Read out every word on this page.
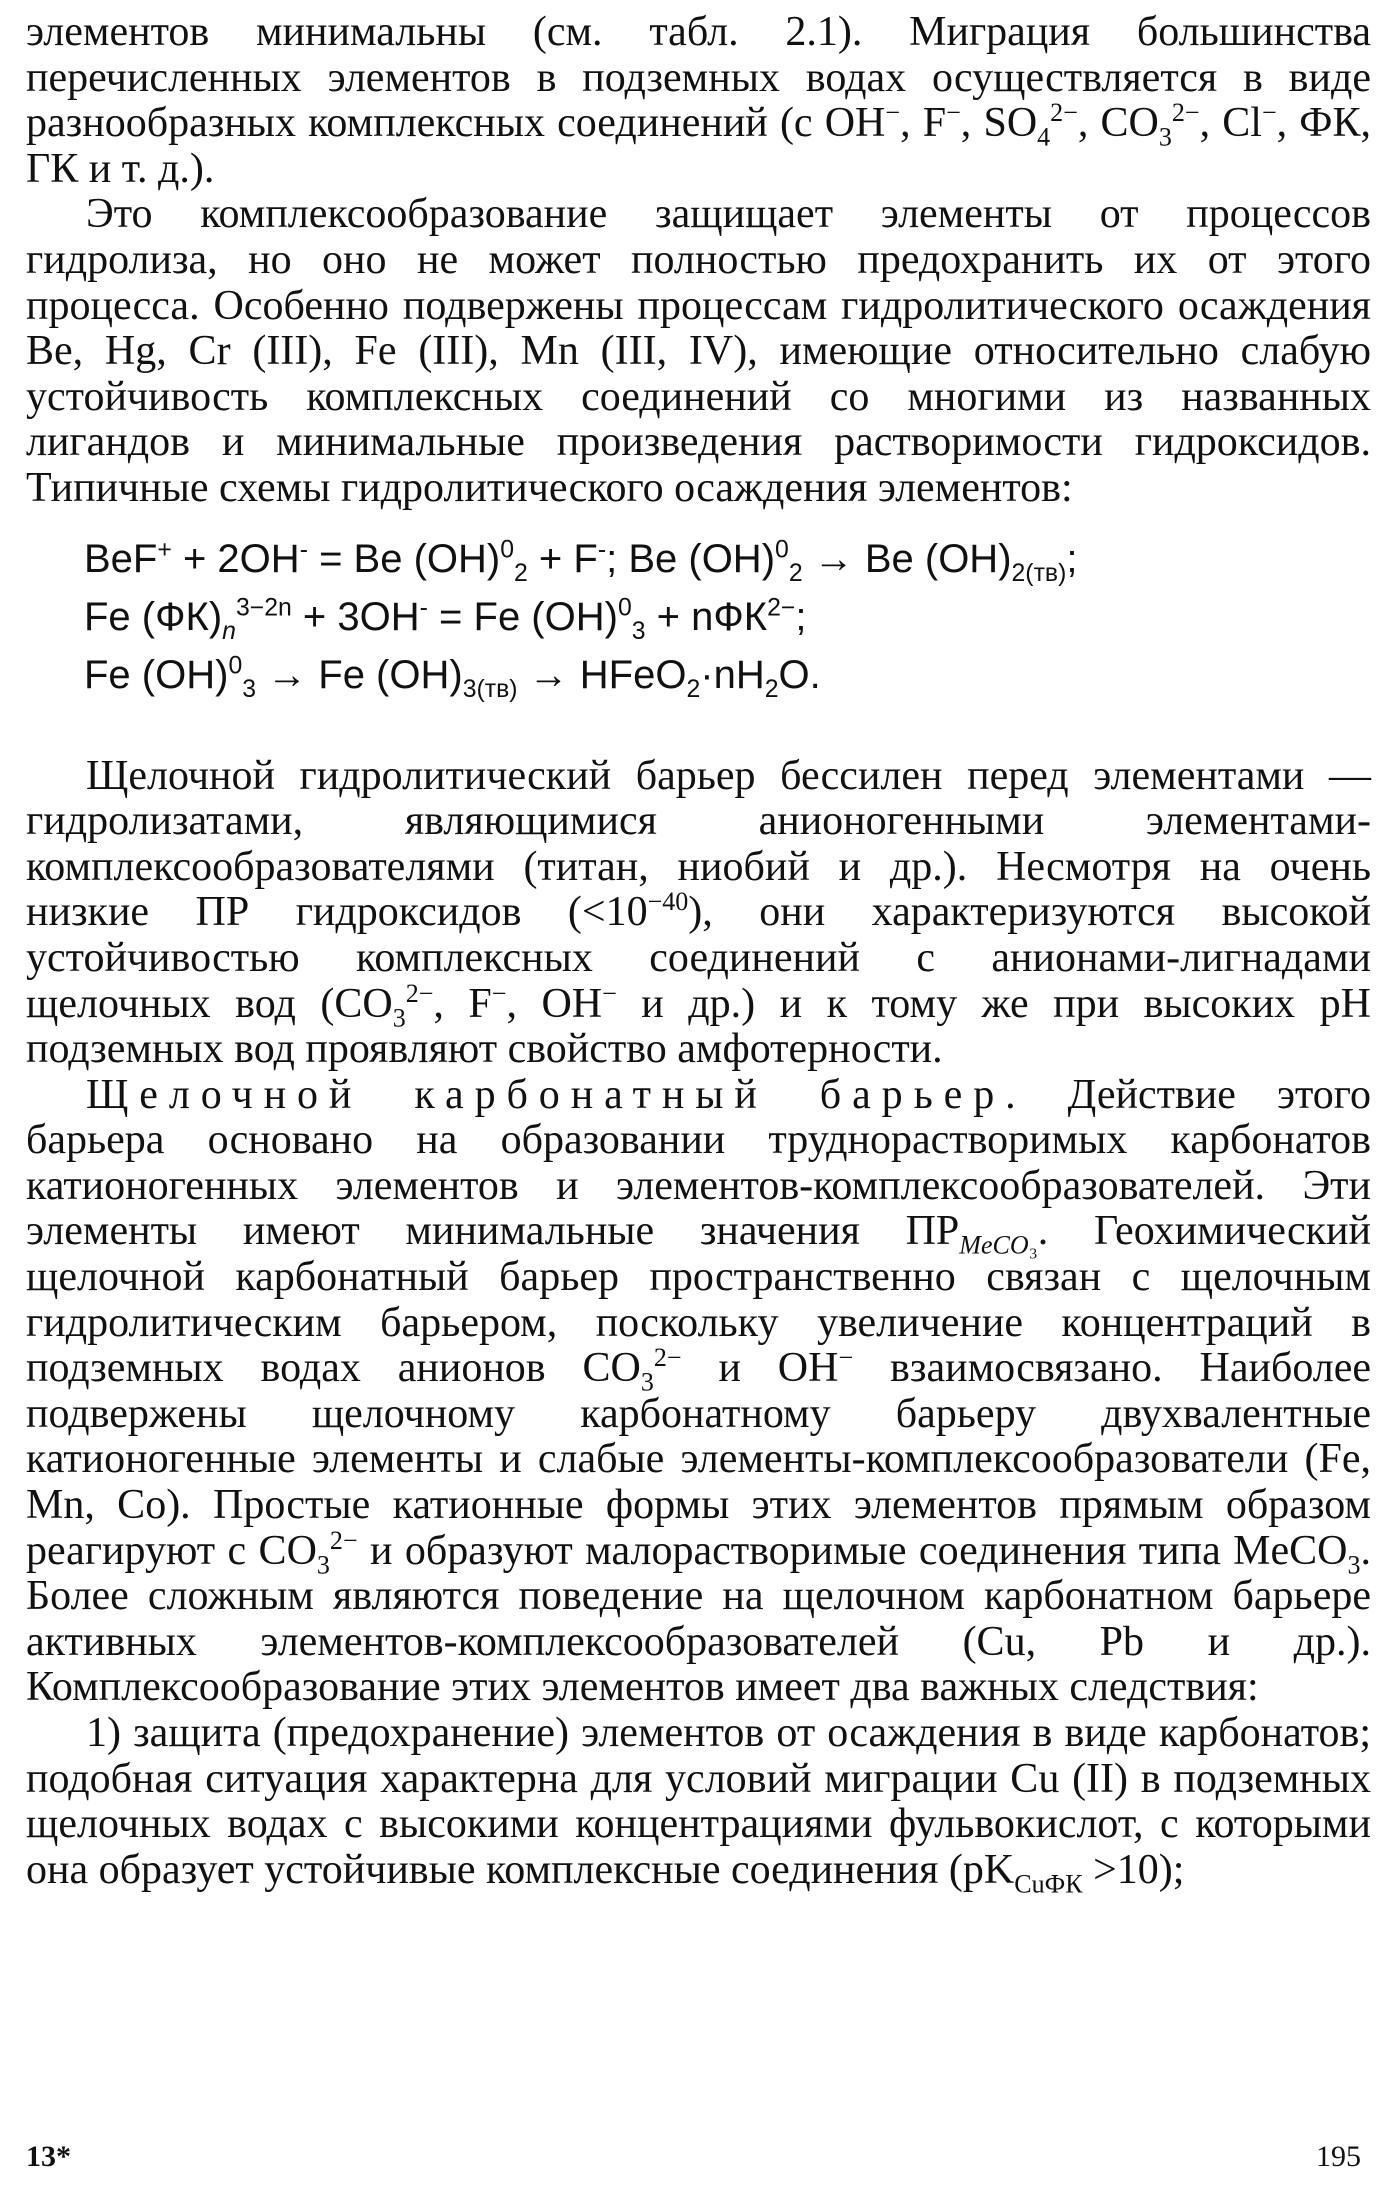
элементов минимальны (см. табл. 2.1). Миграция большинства перечисленных элементов в подземных водах осуществляется в виде разнообразных комплексных соединений (с OH−, F−, $SO_4^{2-}$, $CO_3^{2-}$, Cl−, ФК, ГК и т. д.).

Это комплексообразование защищает элементы от процессов гидролиза, но оно не может полностью предохранить их от этого процесса. Особенно подвержены процессам гидролитического осаждения Be, Hg, Cr (III), Fe (III), Mn (III, IV), имеющие относительно слабую устойчивость комплексных соединений со многими из названных лигандов и минимальные произведения растворимости гидроксидов. Типичные схемы гидролитического осаждения элементов:

BeF+ + 2OH- = Be (OH)$^0_2$ + F-; Be (OH)$^0_2$ → Be $(OH)_{2(тв)}$;
Fe $(ФК)_n^{3-2n} + 3OH^- = Fe$ (OH)$^0_3$ + nФК$^{2-}$;
Fe (OH)$^0_3$ → Fe $(OH)_{3(тв)}$ → $HFeO_2\cdot nH_2O$.

Щелочной гидролитический барьер бессилен перед элементами — гидролизатами, являющимися анионогенными элементами-комплексообразователями (титан, ниобий и др.). Несмотря на очень низкие ПР гидроксидов $(<10^{-40})$, они характеризуются высокой устойчивостью комплексных соединений с анионами-лигнадами щелочных вод ($CO_3^{2-}$, F−, OH− и др.) и к тому же при высоких pH подземных вод проявляют свойство амфотерности.

Щелочной карбонатный барьер. Действие этого барьера основано на образовании труднорастворимых карбонатов катионогенных элементов и элементов-комплексообразователей. Эти элементы имеют минимальные значения $ПР_{MeCO_3}$. Геохимический щелочной карбонатный барьер пространственно связан с щелочным гидролитическим барьером, поскольку увеличение концентраций в подземных водах анионов $CO_3^{2-}$ и OH− взаимосвязано. Наиболее подвержены щелочному карбонатному барьеру двухвалентные катионогенные элементы и слабые элементы-комплексообразователи (Fe, Mn, Co). Простые катионные формы этих элементов прямым образом реагируют с $CO_3^{2-}$ и образуют малорастворимые соединения типа MeCO$_3$. Более сложным являются поведение на щелочном карбонатном барьере активных элементов-комплексообразователей (Cu, Pb и др.). Комплексообразование этих элементов имеет два важных следствия:

1) защита (предохранение) элементов от осаждения в виде карбонатов; подобная ситуация характерна для условий миграции Cu (II) в подземных щелочных водах с высокими концентрациями фульвокислот, с которыми она образует устойчивые комплексные соединения $(pK_{CuФК} >10)$;

13*	195
